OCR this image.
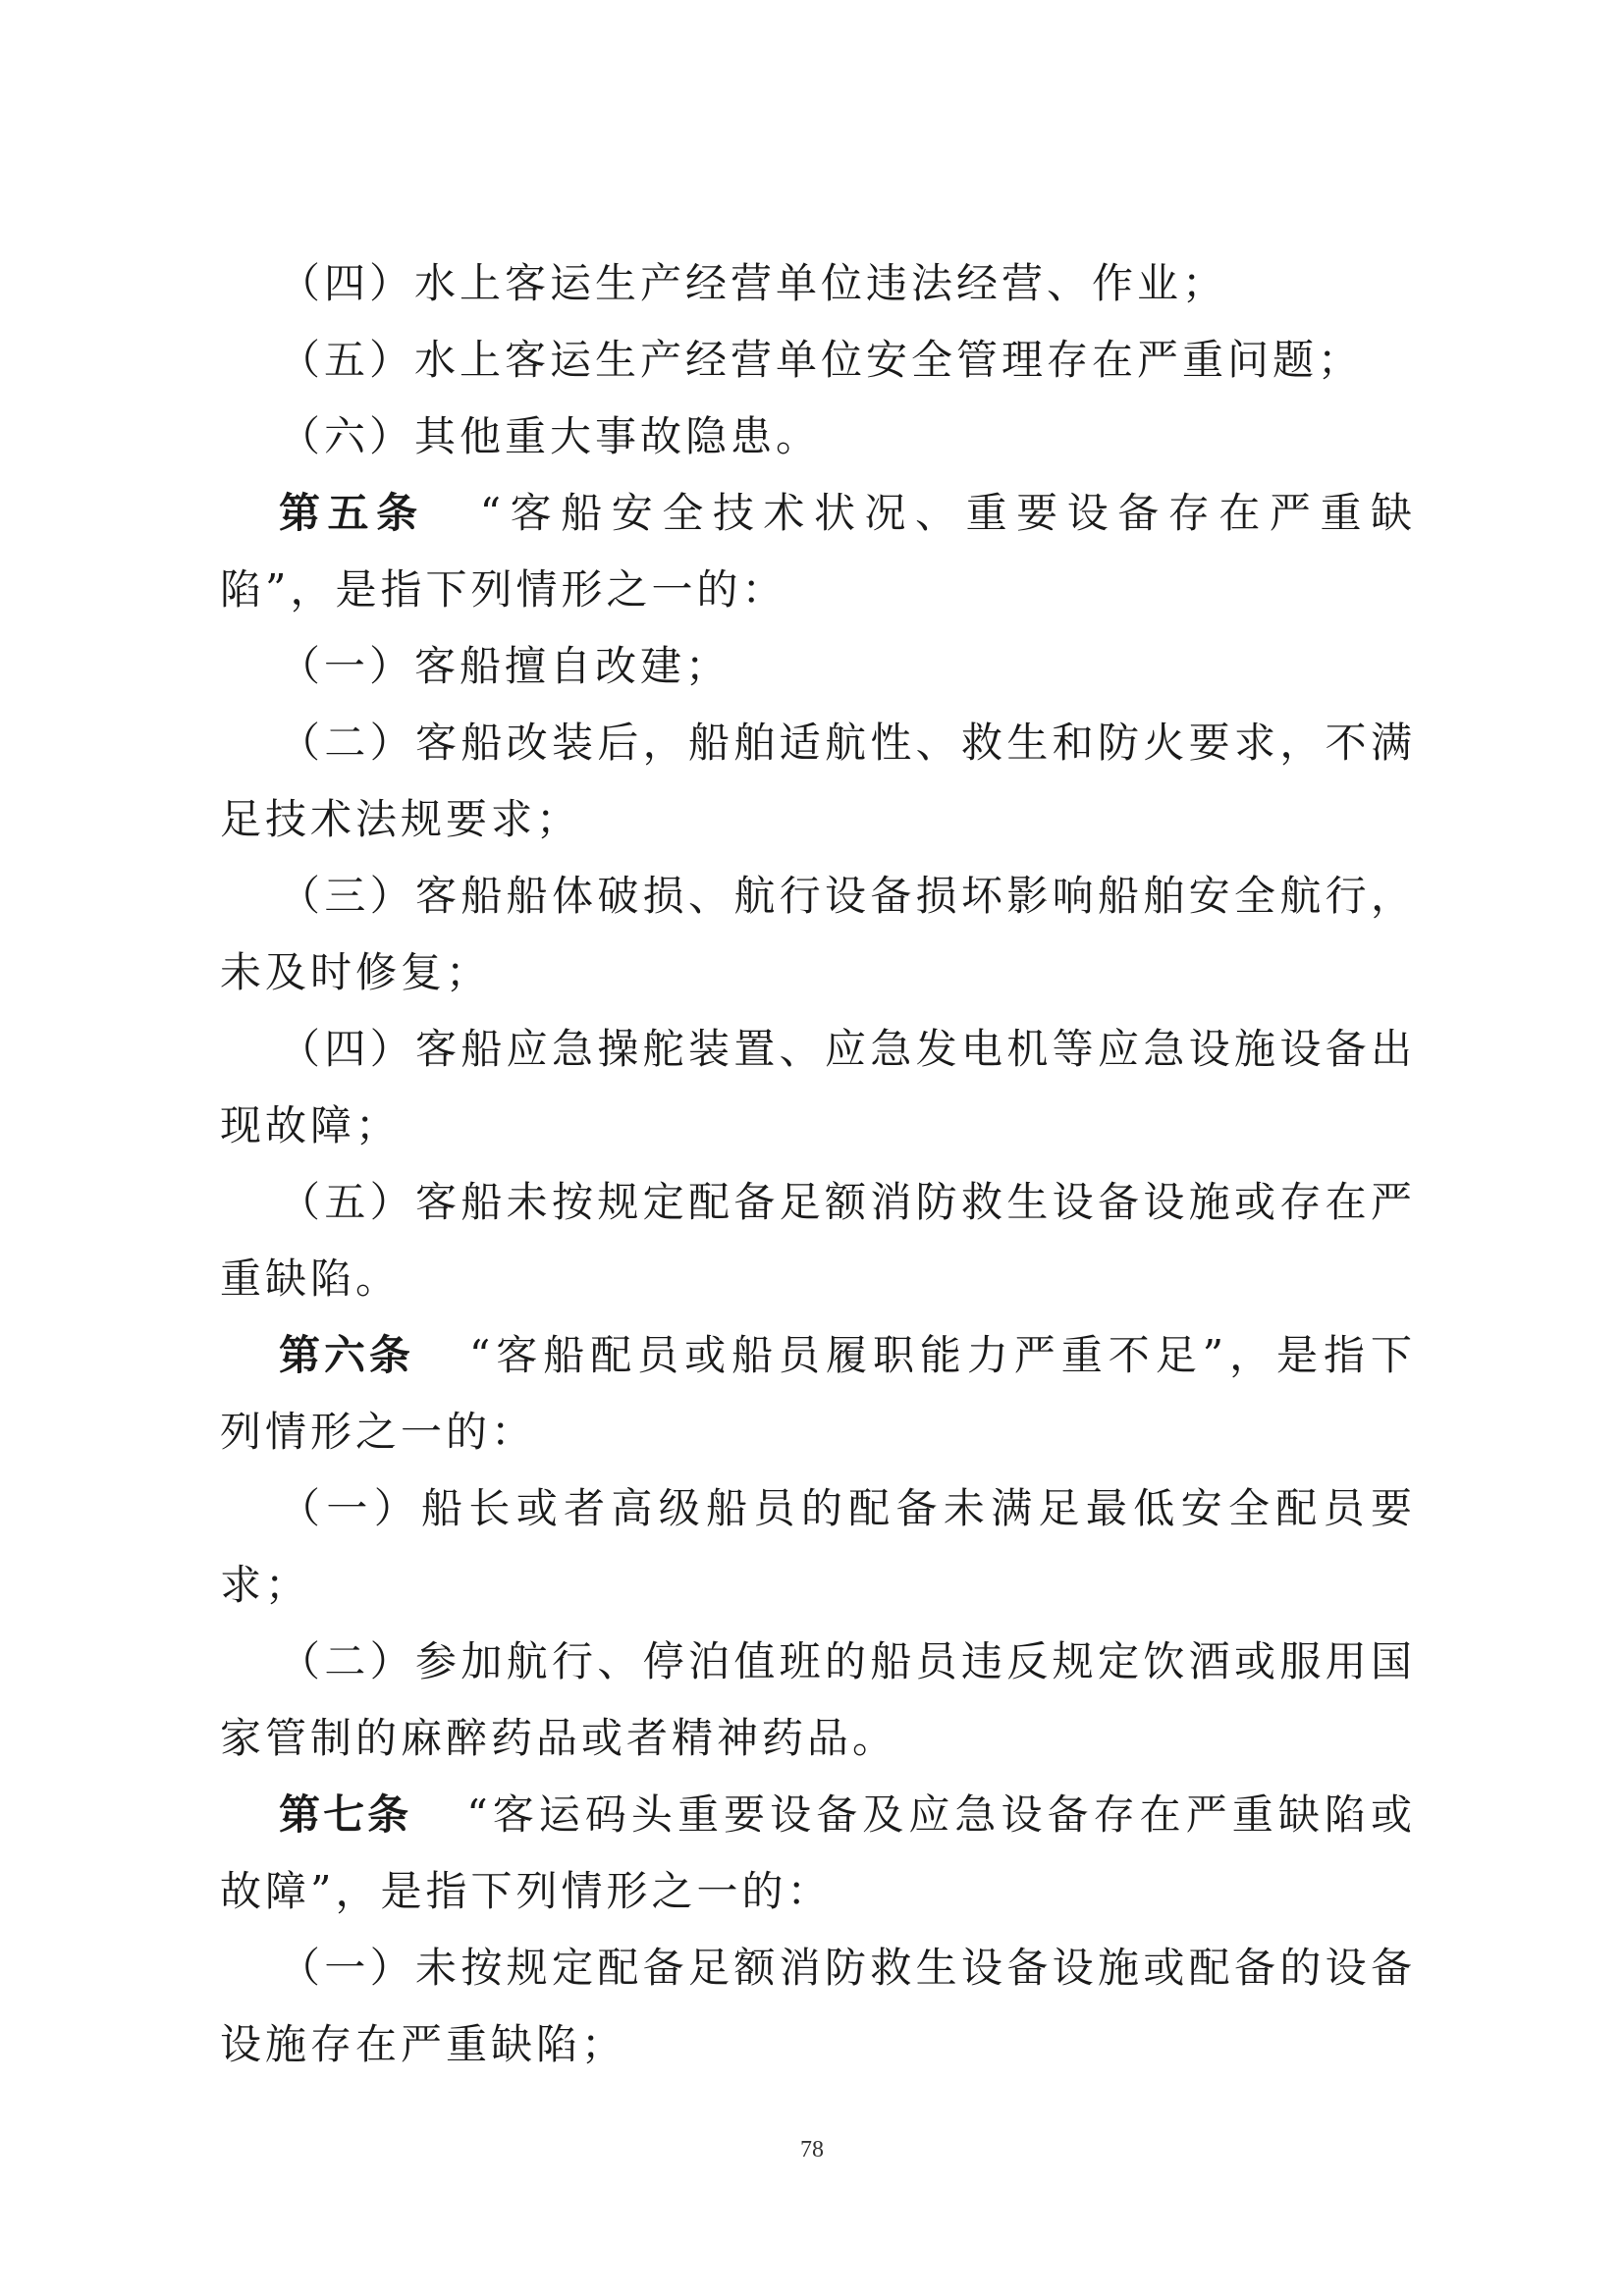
（四）水上客运生产经营单位违法经营、作业；

（五）水上客运生产经营单位安全管理存在严重问题；

（六）其他重大事故隐患。

第五条 “客船安全技术状况、重要设备存在严重缺陷”，是指下列情形之一的：

（一）客船擅自改建；

（二）客船改装后，船舶适航性、救生和防火要求，不满足技术法规要求；

（三）客船船体破损、航行设备损坏影响船舶安全航行，未及时修复；

（四）客船应急操舵装置、应急发电机等应急设施设备出现故障；

（五）客船未按规定配备足额消防救生设备设施或存在严重缺陷。

第六条 “客船配员或船员履职能力严重不足”，是指下列情形之一的：

（一）船长或者高级船员的配备未满足最低安全配员要求；

（二）参加航行、停泊值班的船员违反规定饮酒或服用国家管制的麻醉药品或者精神药品。

第七条 “客运码头重要设备及应急设备存在严重缺陷或故障”，是指下列情形之一的：

（一）未按规定配备足额消防救生设备设施或配备的设备设施存在严重缺陷；

78
